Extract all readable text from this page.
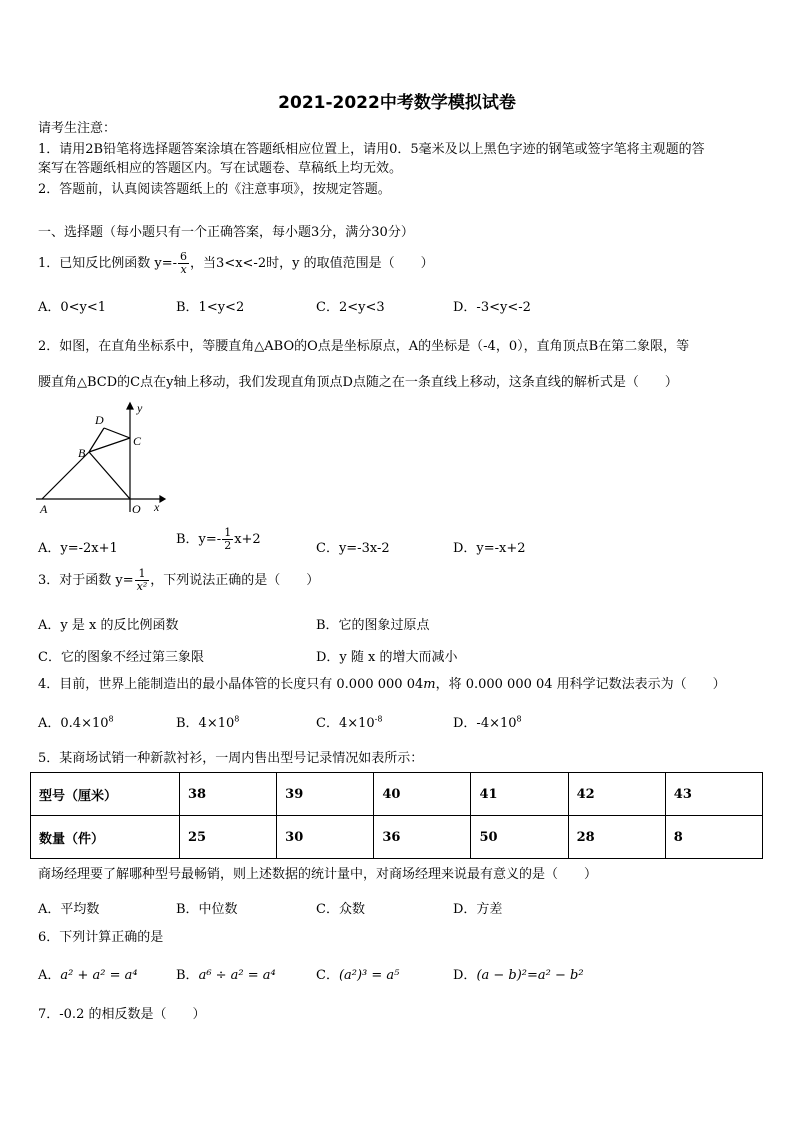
2021-2022中考数学模拟试卷
请考生注意：
1．请用2B铅笔将选择题答案涂填在答题纸相应位置上，请用0．5毫米及以上黑色字迹的钢笔或签字笔将主观题的答
案写在答题纸相应的答题区内。写在试题卷、草稿纸上均无效。
2．答题前，认真阅读答题纸上的《注意事项》，按规定答题。
一、选择题（每小题只有一个正确答案，每小题3分，满分30分）
1．已知反比例函数 $y=- \frac{6}{x}$ ，当3<x<-2时，y 的取值范围是（　　）
A．0<y<1	B．1<y<2	C．2<y<3	D．-3<y<-2
2．如图，在直角坐标系中，等腰直角△ABO的O点是坐标原点，A的坐标是（-4，0），直角顶点B在第二象限，等
腰直角△BCD的C点在y轴上移动，我们发现直角顶点D点随之在一条直线上移动，这条直线的解析式是（　　）
D
C
B
A	O x
y
A．y=-2x+1
B．$y=- \frac{1}{2} x+2$
C．y=-3x-2	D．y=-x+2
3．对于函数 $y= \frac{1}{\text{x²}}$ ，下列说法正确的是（　　）
A．y 是 x 的反比例函数	B．它的图象过原点
C．它的图象不经过第三象限	D．y 随 x 的增大而减小
4．目前，世界上能制造出的最小晶体管的长度只有 0.000 000 04m，将 0.000 000 04 用科学记数法表示为（　　）
A．$0.4\times 10^8$	B．$4\times 10^8$	C．$4\times 10^{-8}$	D．$-4\times 10^8$
5．某商场试销一种新款衬衫，一周内售出型号记录情况如表所示：
型号（厘米）	38	39	40	41	42	43
数量（件）	25	30	36	50	28	8
商场经理要了解哪种型号最畅销，则上述数据的统计量中，对商场经理来说最有意义的是（　　）
A．平均数	B．中位数	C．众数	D．方差
6．下列计算正确的是
A．a² + a² = a⁴	B．a⁶ ÷ a² = a⁴	C．(a²)³ = a⁵	D．(a − b)²=a² − b²
7．-0.2 的相反数是（　　）
